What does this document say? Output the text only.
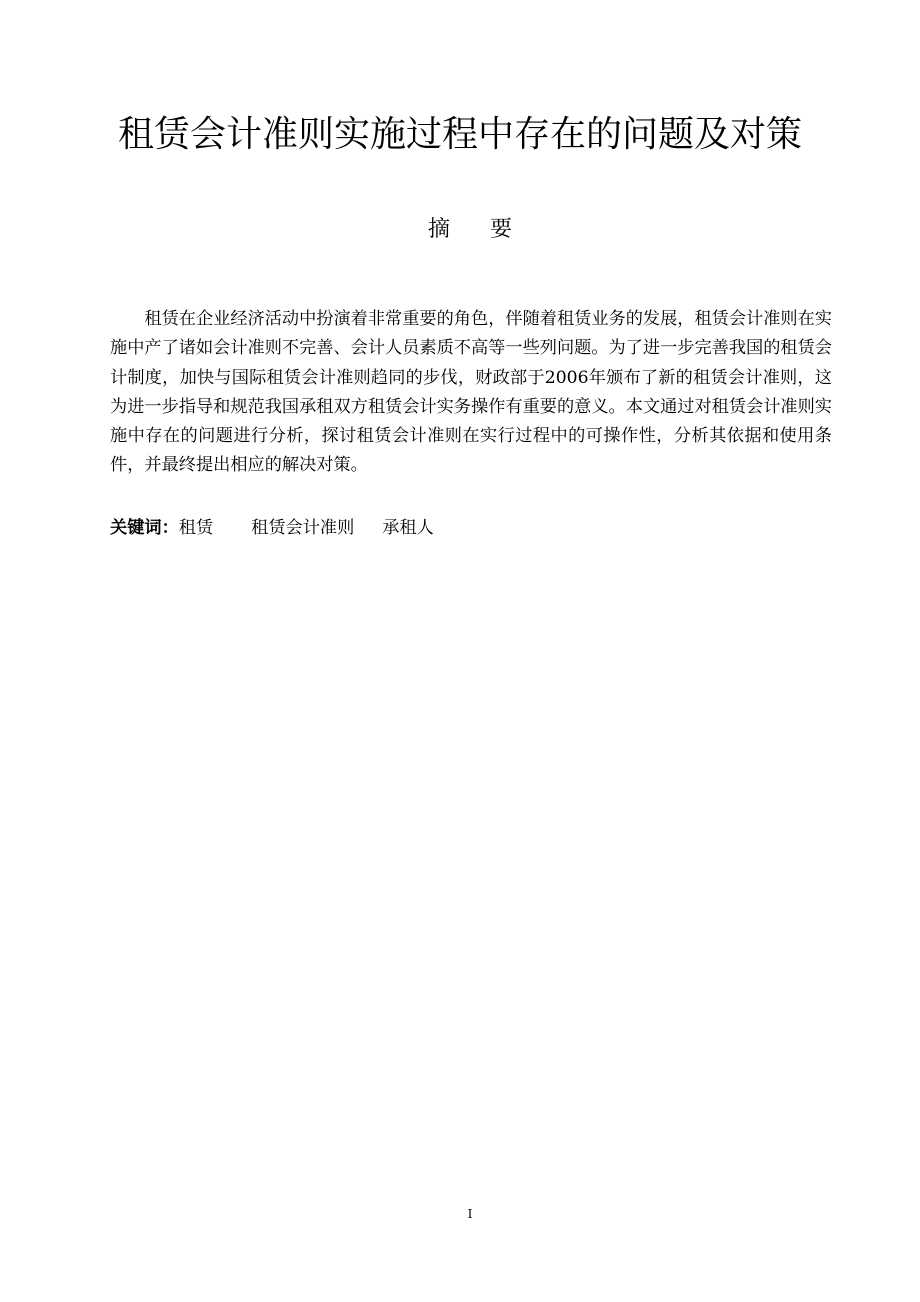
租赁会计准则实施过程中存在的问题及对策
摘 要

租赁在企业经济活动中扮演着非常重要的角色，伴随着租赁业务的发展，租赁会计准则在实施中产了诸如会计准则不完善、会计人员素质不高等一些列问题。为了进一步完善我国的租赁会计制度，加快与国际租赁会计准则趋同的步伐，财政部于2006年颁布了新的租赁会计准则，这为进一步指导和规范我国承租双方租赁会计实务操作有重要的意义。本文通过对租赁会计准则实施中存在的问题进行分析，探讨租赁会计准则在实行过程中的可操作性，分析其依据和使用条件，并最终提出相应的解决对策。

关键词：租赁 租赁会计准则 承租人
I
